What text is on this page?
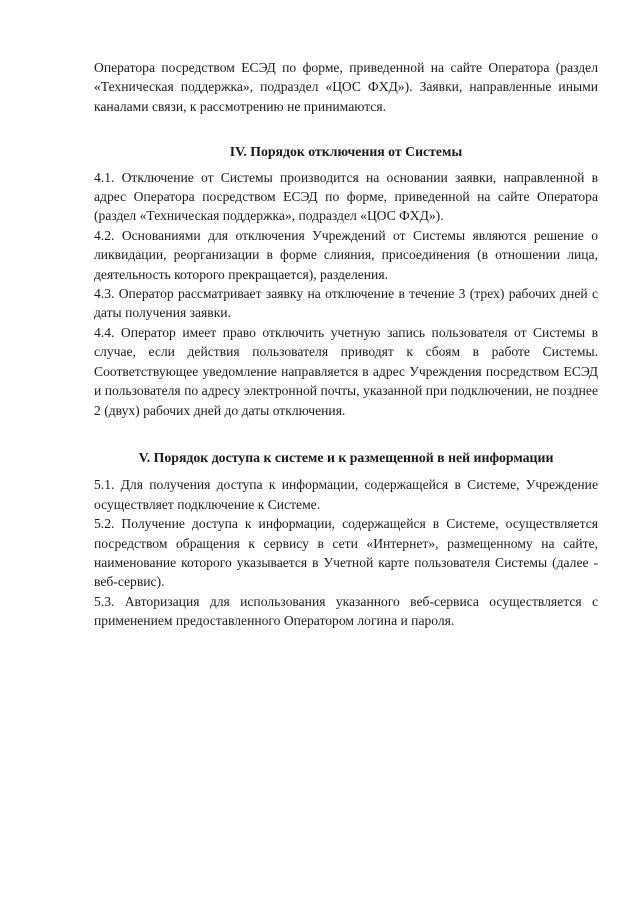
Оператора посредством ЕСЭД по форме, приведенной на сайте Оператора (раздел «Техническая поддержка», подраздел «ЦОС ФХД»). Заявки, направленные иными каналами связи, к рассмотрению не принимаются.

IV. Порядок отключения от Системы

4.1. Отключение от Системы производится на основании заявки, направленной в адрес Оператора посредством ЕСЭД по форме, приведенной на сайте Оператора (раздел «Техническая поддержка», подраздел «ЦОС ФХД»).

4.2. Основаниями для отключения Учреждений от Системы являются решение о ликвидации, реорганизации в форме слияния, присоединения (в отношении лица, деятельность которого прекращается), разделения.

4.3. Оператор рассматривает заявку на отключение в течение 3 (трех) рабочих дней с даты получения заявки.

4.4. Оператор имеет право отключить учетную запись пользователя от Системы в случае, если действия пользователя приводят к сбоям в работе Системы. Соответствующее уведомление направляется в адрес Учреждения посредством ЕСЭД и пользователя по адресу электронной почты, указанной при подключении, не позднее 2 (двух) рабочих дней до даты отключения.

V. Порядок доступа к системе и к размещенной в ней информации

5.1. Для получения доступа к информации, содержащейся в Системе, Учреждение осуществляет подключение к Системе.

5.2. Получение доступа к информации, содержащейся в Системе, осуществляется посредством обращения к сервису в сети «Интернет», размещенному на сайте, наименование которого указывается в Учетной карте пользователя Системы (далее - веб-сервис).

5.3. Авторизация для использования указанного веб-сервиса осуществляется с применением предоставленного Оператором логина и пароля.
